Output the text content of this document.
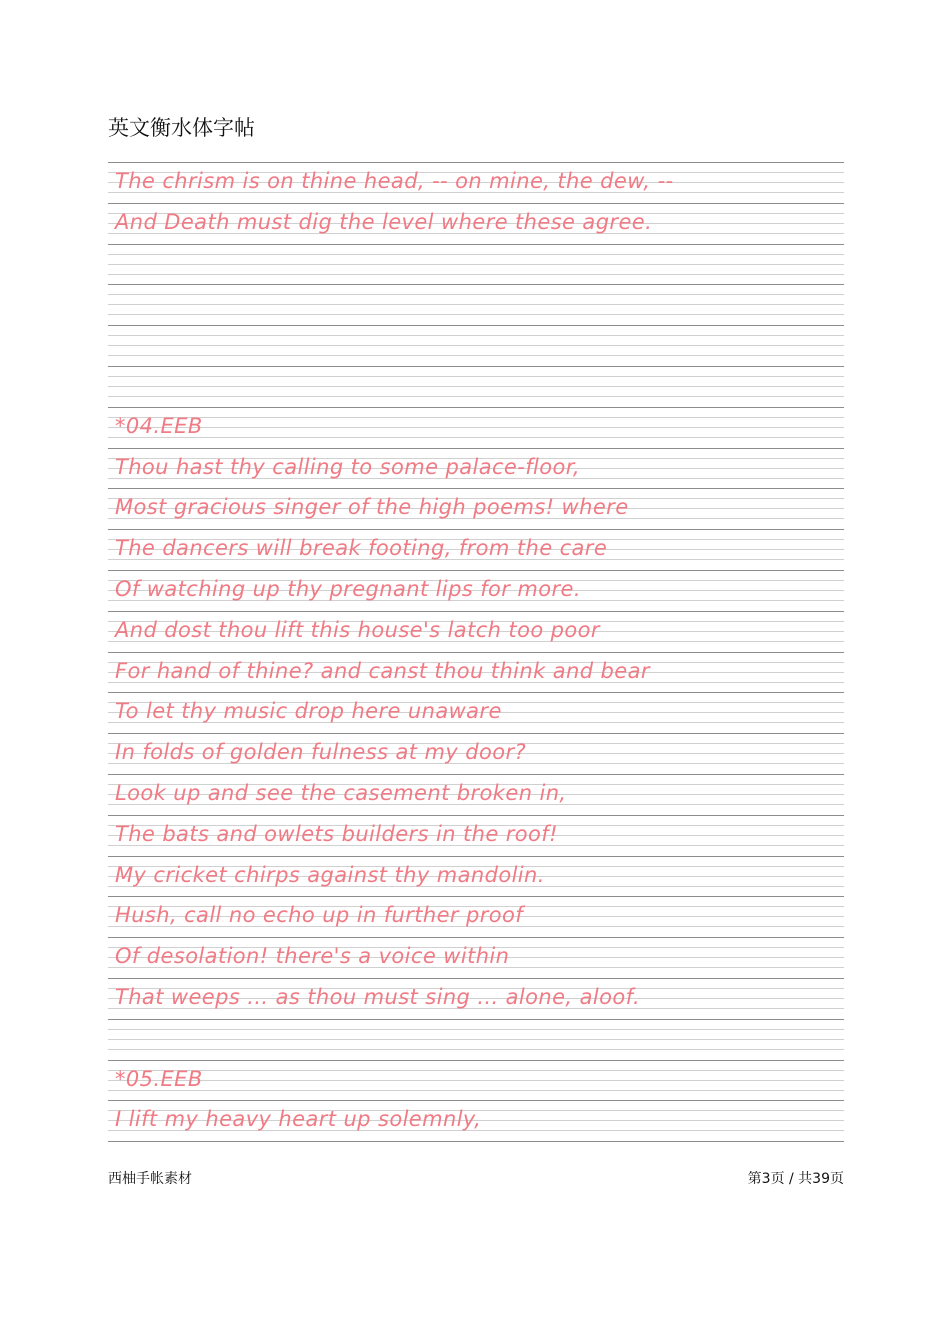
英文衡水体字帖
The chrism is on thine head, -- on mine, the dew, --
And Death must dig the level where these agree.
*04.EEB
Thou hast thy calling to some palace-floor,
Most gracious singer of the high poems! where
The dancers will break footing, from the care
Of watching up thy pregnant lips for more.
And dost thou lift this house's latch too poor
For hand of thine? and canst thou think and bear
To let thy music drop here unaware
In folds of golden fulness at my door?
Look up and see the casement broken in,
The bats and owlets builders in the roof!
My cricket chirps against thy mandolin.
Hush, call no echo up in further proof
Of desolation! there's a voice within
That weeps ... as thou must sing ... alone, aloof.
*05.EEB
I lift my heavy heart up solemnly,
西柚手帐素材	第3页 / 共39页
